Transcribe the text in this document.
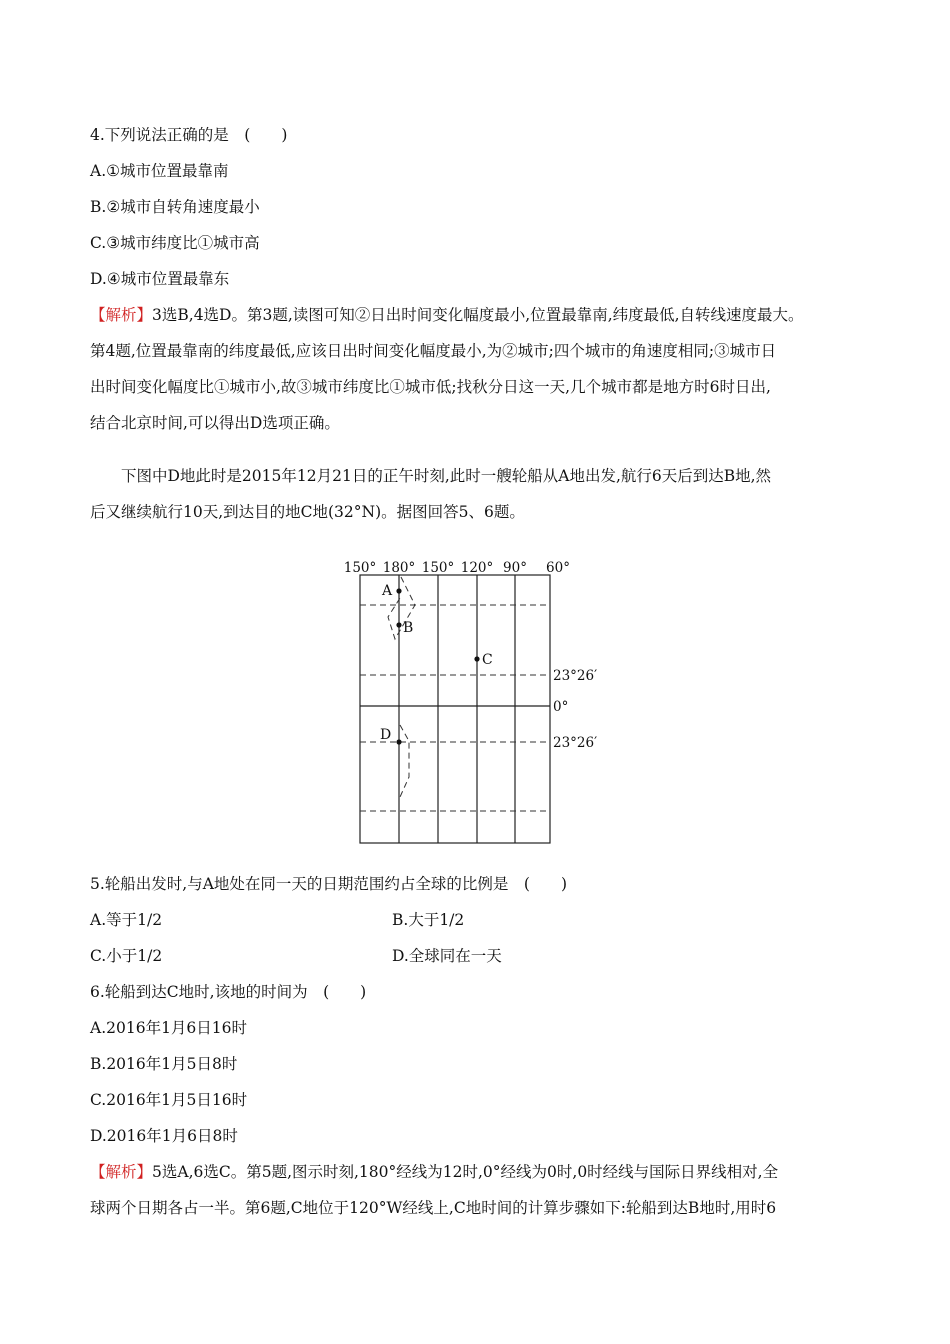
4.下列说法正确的是　(　　)
A.①城市位置最靠南
B.②城市自转角速度最小
C.③城市纬度比①城市高
D.④城市位置最靠东
【解析】3选B,4选D。第3题,读图可知②日出时间变化幅度最小,位置最靠南,纬度最低,自转线速度最大。
第4题,位置最靠南的纬度最低,应该日出时间变化幅度最小,为②城市;四个城市的角速度相同;③城市日
出时间变化幅度比①城市小,故③城市纬度比①城市低;找秋分日这一天,几个城市都是地方时6时日出,
结合北京时间,可以得出D选项正确。
　　下图中D地此时是2015年12月21日的正午时刻,此时一艘轮船从A地出发,航行6天后到达B地,然
后又继续航行10天,到达目的地C地(32°N)。据图回答5、6题。
A
B
C
D
150° 180° 150° 120° 90° 60°
23°26′
0°
23°26′
5.轮船出发时,与A地处在同一天的日期范围约占全球的比例是　(　　)
A.等于1/2	B.大于1/2
C.小于1/2	D.全球同在一天
6.轮船到达C地时,该地的时间为　(　　)
A.2016年1月6日16时
B.2016年1月5日8时
C.2016年1月5日16时
D.2016年1月6日8时
【解析】5选A,6选C。第5题,图示时刻,180°经线为12时,0°经线为0时,0时经线与国际日界线相对,全
球两个日期各占一半。第6题,C地位于120°W经线上,C地时间的计算步骤如下:轮船到达B地时,用时6
